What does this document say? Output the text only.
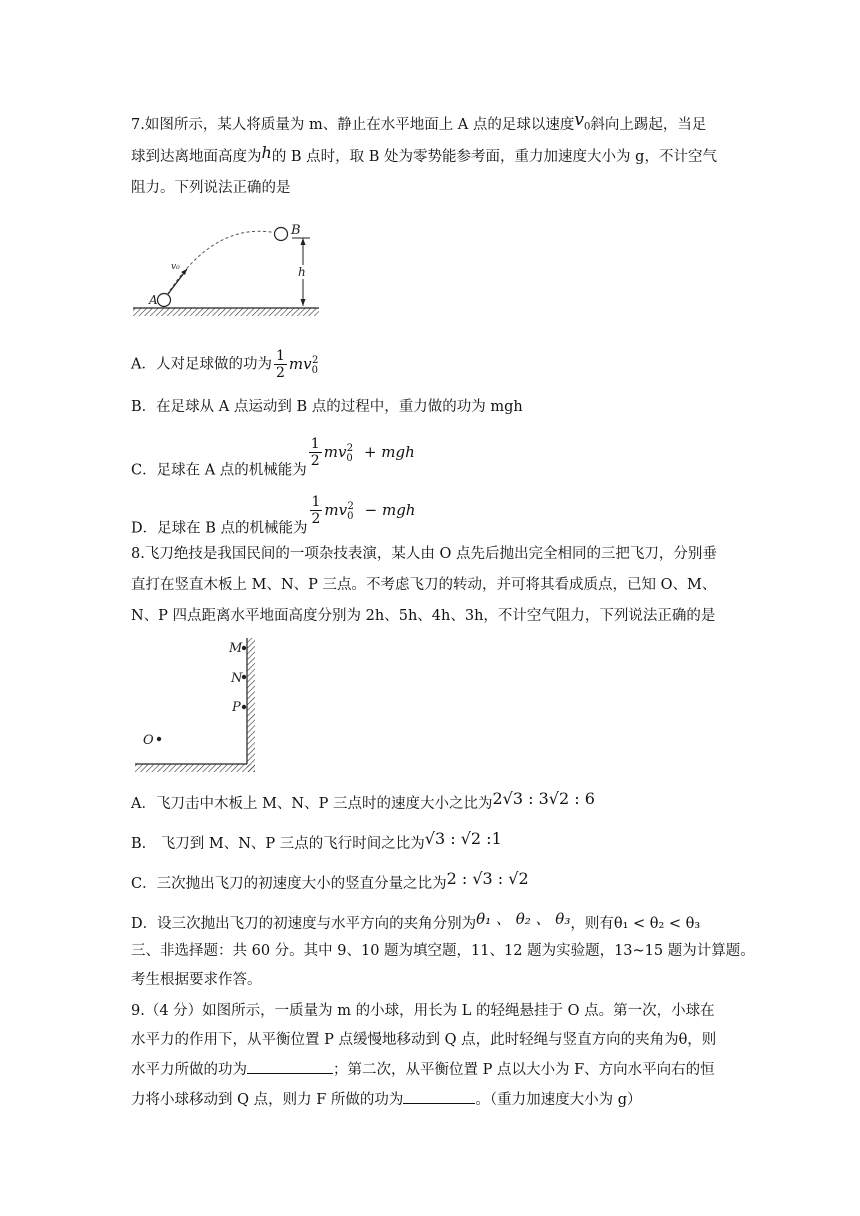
7.如图所示，某人将质量为 m、静止在水平地面上 A 点的足球以速度$v_0$斜向上踢起，当足
球到达离地面高度为h的 B 点时，取 B 处为零势能参考面，重力加速度大小为 g，不计空气
阻力。下列说法正确的是
v₀
A
B
h
A．人对足球做的功为 $\frac{1}{2} mv_0^2$
B．在足球从 A 点运动到 B 点的过程中，重力做的功为 mgh
C．足球在 A 点的机械能为
$\frac{1}{2} mv_0^2$ + mgh
D．足球在 B 点的机械能为
$\frac{1}{2} mv_0^2$ − mgh
8.飞刀绝技是我国民间的一项杂技表演，某人由 O 点先后抛出完全相同的三把飞刀，分别垂
直打在竖直木板上 M、N、P 三点。不考虑飞刀的转动，并可将其看成质点，已知 O、M、
N、P 四点距离水平地面高度分别为 2h、5h、4h、3h，不计空气阻力，下列说法正确的是
M
N
P
O
A．飞刀击中木板上 M、N、P 三点时的速度大小之比为2√3 : 3√2 : 6
B.　飞刀到 M、N、P 三点的飞行时间之比为√3 : √2 :1
C．三次抛出飞刀的初速度大小的竖直分量之比为2 : √3 : √2
D．设三次抛出飞刀的初速度与水平方向的夹角分别为θ₁ 、 θ₂ 、 θ₃，则有θ₁ < θ₂ < θ₃
三、非选择题：共 60 分。其中 9、10 题为填空题，11、12 题为实验题，13~15 题为计算题。
考生根据要求作答。
9.（4 分）如图所示，一质量为 m 的小球，用长为 L 的轻绳悬挂于 O 点。第一次，小球在
水平力的作用下，从平衡位置 P 点缓慢地移动到 Q 点，此时轻绳与竖直方向的夹角为θ，则
水平力所做的功为	；第二次，从平衡位置 P 点以大小为 F、方向水平向右的恒
力将小球移动到 Q 点，则力 F 所做的功为	。（重力加速度大小为 g）
